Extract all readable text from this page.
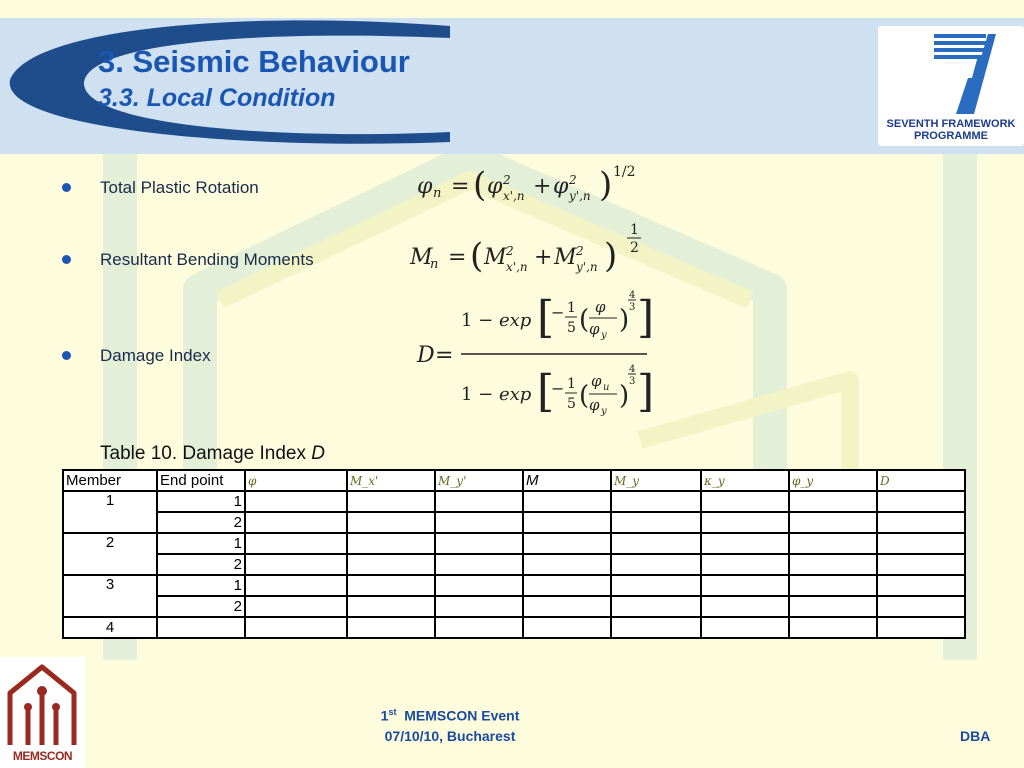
3. Seismic Behaviour
3.3. Local Condition
SEVENTH FRAMEWORK
PROGRAMME
Total Plastic Rotation
Resultant Bending Moments
Damage Index
φ n = ( φ 2
x',n + φ 2
y',n ) 1/2
M
n = ( M 2
x',n + M 2
y',n )
1
2
D =
1 − exp [
− 1
5 ( φ
φ y
)
4
3 ]
1 − exp [
− 1
5 ( φ u
φ y
)
4
3 ]
Table 10. Damage Index D
Member	End point	φ	M_x'	M_y'	M	M_y	κ_y	φ_y	D
1	1								
	2								
2	1								
	2								
3	1								
	2								
4									
MEMSCON
1st MEMSCON Event
07/10/10, Bucharest	DBA
